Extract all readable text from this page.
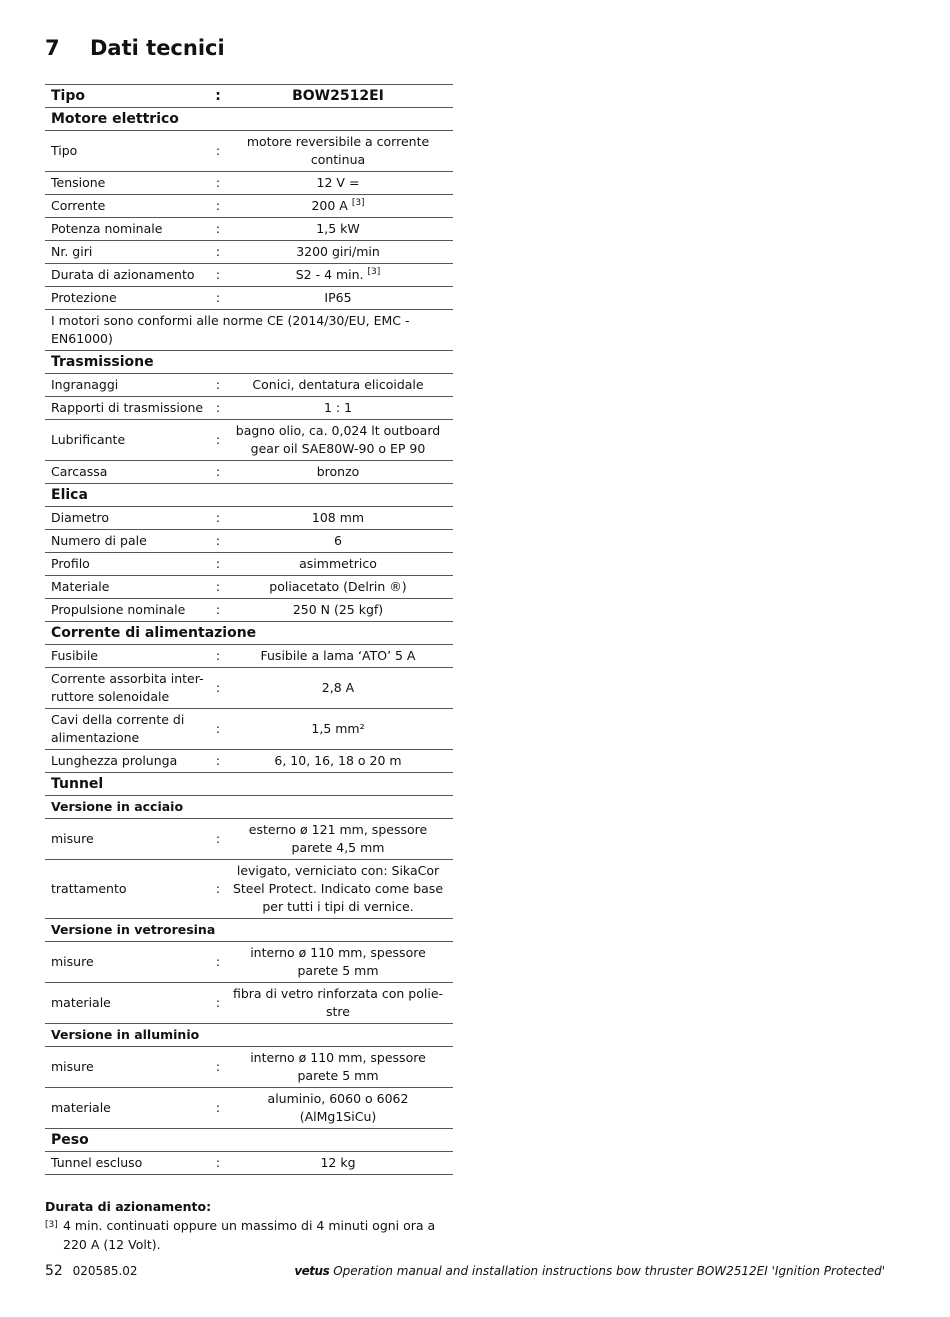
7 Dati tecnici
Tipo	:	BOW2512EI
Motore elettrico		
Tipo	:	motore reversibile a corrente continua
Tensione	:	12 V =
Corrente	:	200 A [3]
Potenza nominale	:	1,5 kW
Nr. giri	:	3200 giri/min
Durata di azionamento	:	S2 - 4 min. [3]
Protezione	:	IP65
I motori sono conformi alle norme CE (2014/30/EU, EMC - EN61000)		
Trasmissione		
Ingranaggi	:	Conici, dentatura elicoidale
Rapporti di trasmissione	:	1 : 1
Lubrificante	:	bagno olio, ca. 0,024 lt outboard gear oil SAE80W-90 o EP 90
Carcassa	:	bronzo
Elica		
Diametro	:	108 mm
Numero di pale	:	6
Profilo	:	asimmetrico
Materiale	:	poliacetato (Delrin ®)
Propulsione nominale	:	250 N (25 kgf)
Corrente di alimentazione		
Fusibile	:	Fusibile a lama ‘ATO’ 5 A
Corrente assorbita inter-ruttore solenoidale	:	2,8 A
Cavi della corrente di alimentazione	:	1,5 mm²
Lunghezza prolunga	:	6, 10, 16, 18 o 20 m
Tunnel		
Versione in acciaio		
misure	:	esterno ø 121 mm, spessore parete 4,5 mm
trattamento	:	levigato, verniciato con: SikaCor Steel Protect. Indicato come base per tutti i tipi di vernice.
Versione in vetroresina		
misure	:	interno ø 110 mm, spessore parete 5 mm
materiale	:	fibra di vetro rinforzata con polie-stre
Versione in alluminio		
misure	:	interno ø 110 mm, spessore parete 5 mm
materiale	:	aluminio, 6060 o 6062 (AlMg1SiCu)
Peso		
Tunnel escluso	:	12 kg
Durata di azionamento:
[3] 4 min. continuati oppure un massimo di 4 minuti ogni ora a 220 A (12 Volt).
52 020585.02	vetus Operation manual and installation instructions bow thruster BOW2512EI 'Ignition Protected'
